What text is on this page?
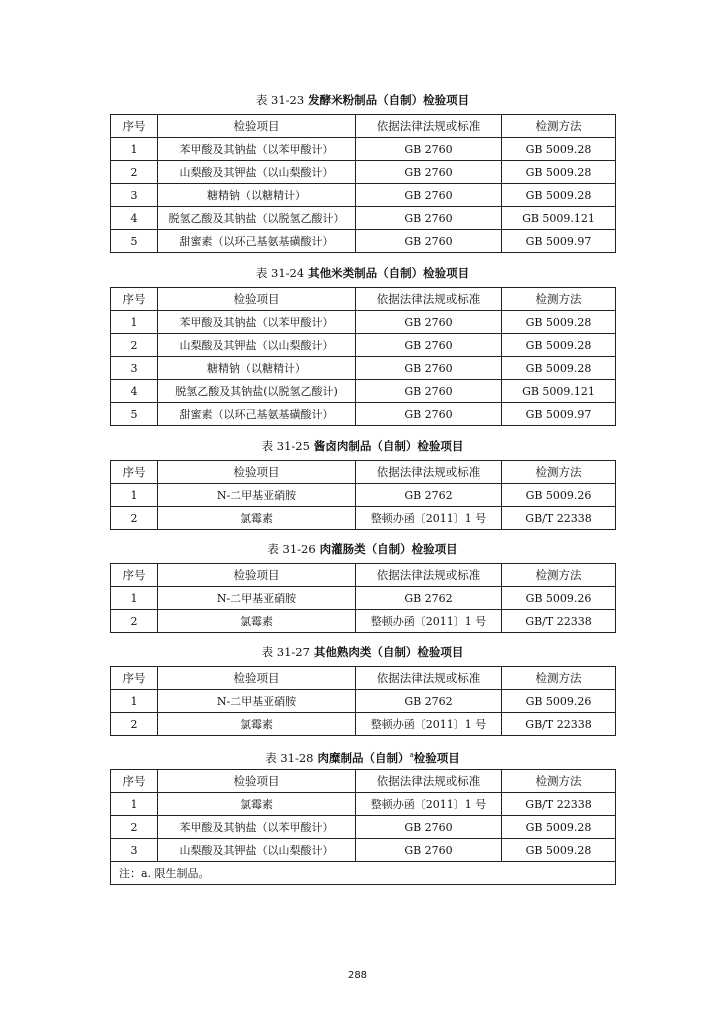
表 31-23 发酵米粉制品（自制）检验项目
序号	检验项目	依据法律法规或标准	检测方法
1	苯甲酸及其钠盐（以苯甲酸计）	GB 2760	GB 5009.28
2	山梨酸及其钾盐（以山梨酸计）	GB 2760	GB 5009.28
3	糖精钠（以糖精计）	GB 2760	GB 5009.28
4	脱氢乙酸及其钠盐（以脱氢乙酸计）	GB 2760	GB 5009.121
5	甜蜜素（以环己基氨基磺酸计）	GB 2760	GB 5009.97
表 31-24 其他米类制品（自制）检验项目
序号	检验项目	依据法律法规或标准	检测方法
1	苯甲酸及其钠盐（以苯甲酸计）	GB 2760	GB 5009.28
2	山梨酸及其钾盐（以山梨酸计）	GB 2760	GB 5009.28
3	糖精钠（以糖精计）	GB 2760	GB 5009.28
4	脱氢乙酸及其钠盐(以脱氢乙酸计)	GB 2760	GB 5009.121
5	甜蜜素（以环己基氨基磺酸计）	GB 2760	GB 5009.97
表 31-25 酱卤肉制品（自制）检验项目
序号	检验项目	依据法律法规或标准	检测方法
1	N-二甲基亚硝胺	GB 2762	GB 5009.26
2	氯霉素	整顿办函〔2011〕1 号	GB/T 22338
表 31-26 肉灌肠类（自制）检验项目
序号	检验项目	依据法律法规或标准	检测方法
1	N-二甲基亚硝胺	GB 2762	GB 5009.26
2	氯霉素	整顿办函〔2011〕1 号	GB/T 22338
表 31-27 其他熟肉类（自制）检验项目
序号	检验项目	依据法律法规或标准	检测方法
1	N-二甲基亚硝胺	GB 2762	GB 5009.26
2	氯霉素	整顿办函〔2011〕1 号	GB/T 22338
表 31-28 肉糜制品（自制）$^a$检验项目
序号	检验项目	依据法律法规或标准	检测方法
1	氯霉素	整顿办函〔2011〕1 号	GB/T 22338
2	苯甲酸及其钠盐（以苯甲酸计）	GB 2760	GB 5009.28
3	山梨酸及其钾盐（以山梨酸计）	GB 2760	GB 5009.28
注：a. 限生制品。			
288
